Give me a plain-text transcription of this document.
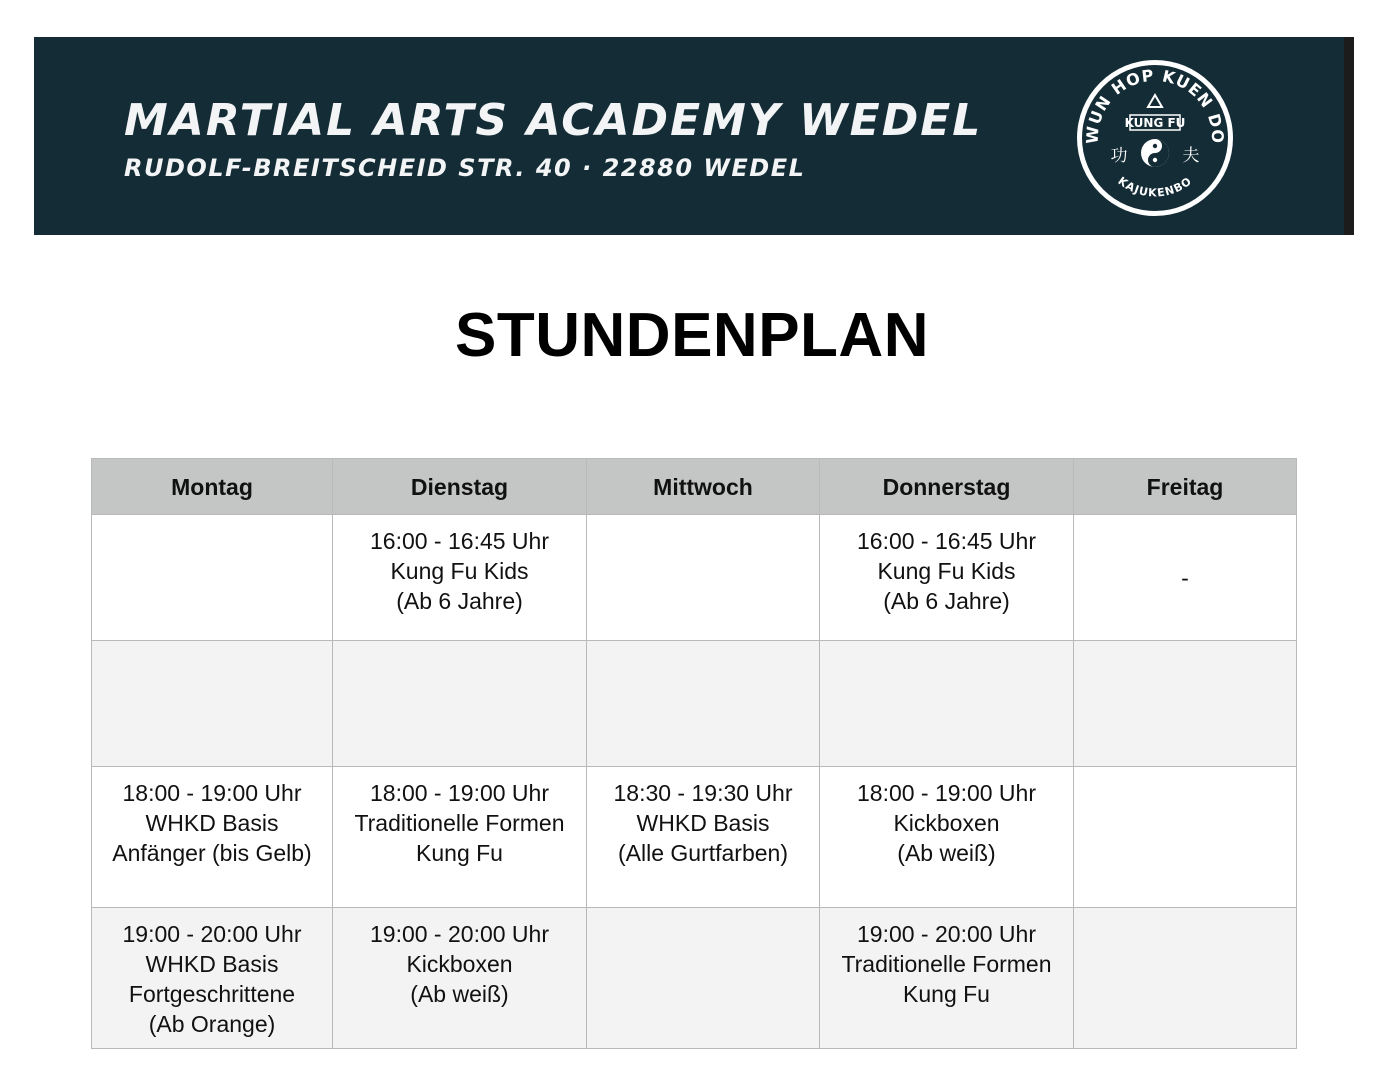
MARTIAL ARTS ACADEMY WEDEL
RUDOLF-BREITSCHEID STR. 40 · 22880 WEDEL
WUN HOP KUEN DO
KAJUKENBO
KUNG FU
功	夫
STUNDENPLAN
Montag	Dienstag	Mittwoch	Donnerstag	Freitag

	16:00 - 16:45 Uhr
Kung Fu Kids
(Ab 6 Jahre)		16:00 - 16:45 Uhr
Kung Fu Kids
(Ab 6 Jahre)	-

18:00 - 19:00 Uhr
WHKD Basis
Anfänger (bis Gelb)	18:00 - 19:00 Uhr
Traditionelle Formen
Kung Fu	18:30 - 19:30 Uhr
WHKD Basis
(Alle Gurtfarben)	18:00 - 19:00 Uhr
Kickboxen
(Ab weiß)	

19:00 - 20:00 Uhr
WHKD Basis
Fortgeschrittene
(Ab Orange)	19:00 - 20:00 Uhr
Kickboxen
(Ab weiß)		19:00 - 20:00 Uhr
Traditionelle Formen
Kung Fu	
